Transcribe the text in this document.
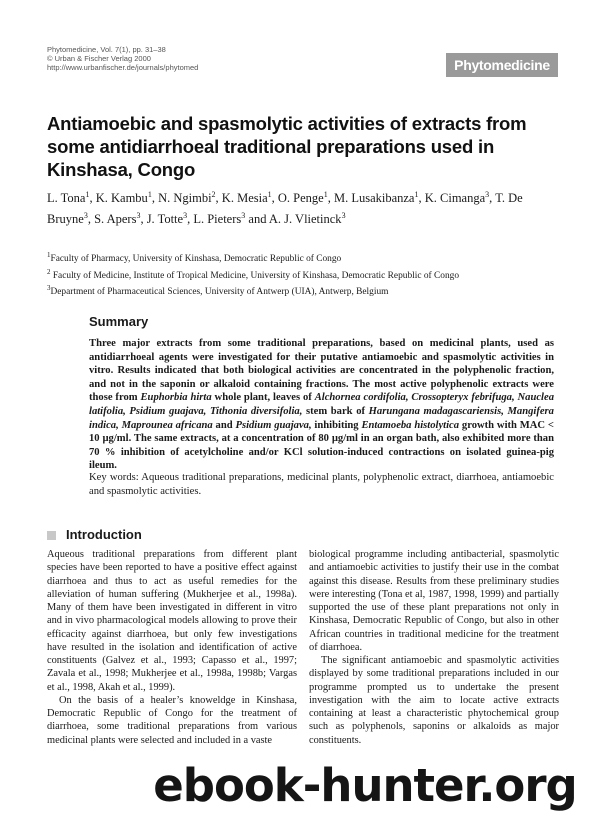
Phytomedicine, Vol. 7(1), pp. 31–38
© Urban & Fischer Verlag 2000
http://www.urbanfischer.de/journals/phytomed	Phytomedicine
Antiamoebic and spasmolytic activities of extracts from some antidiarrhoeal traditional preparations used in Kinshasa, Congo
L. Tona$^1$, K. Kambu$^1$, N. Ngimbi$^2$, K. Mesia$^1$, O. Penge$^1$, M. Lusakibanza$^1$, K. Cimanga$^3$, T. De Bruyne$^3$, S. Apers$^3$, J. Totte$^3$, L. Pieters$^3$ and A. J. Vlietinck$^3$
$^1$Faculty of Pharmacy, University of Kinshasa, Democratic Republic of Congo
$^2$ Faculty of Medicine, Institute of Tropical Medicine, University of Kinshasa, Democratic Republic of Congo
$^3$Department of Pharmaceutical Sciences, University of Antwerp (UIA), Antwerp, Belgium
Summary
Three major extracts from some traditional preparations, based on medicinal plants, used as antidiarrhoeal agents were investigated for their putative antiamoebic and spasmolytic activities in vitro. Results indicated that both biological activities are concentrated in the polyphenolic fraction, and not in the saponin or alkaloid containing fractions. The most active polyphenolic extracts were those from Euphorbia hirta whole plant, leaves of Alchornea cordifolia, Crossopteryx febrifuga, Nauclea latifolia, Psidium guajava, Tithonia diversifolia, stem bark of Harungana madagascariensis, Mangifera indica, Maprounea africana and Psidium guajava, inhibiting Entamoeba histolytica growth with MAC < 10 µg/ml. The same extracts, at a concentration of 80 µg/ml in an organ bath, also exhibited more than 70 % inhibition of acetylcholine and/or KCl solution-induced contractions on isolated guinea-pig ileum.
Key words: Aqueous traditional preparations, medicinal plants, polyphenolic extract, diarrhoea, antiamoebic and spasmolytic activities.
Introduction

Aqueous traditional preparations from different plant species have been reported to have a positive effect against diarrhoea and thus to act as useful remedies for the alleviation of human suffering (Mukherjee et al., 1998a). Many of them have been investigated in different in vitro and in vivo pharmacological models allowing to prove their efficacity against diarrhoea, but only few investigations have resulted in the isolation and identification of active constituents (Galvez et al., 1993; Capasso et al., 1997; Zavala et al., 1998; Mukherjee et al., 1998a, 1998b; Vargas et al., 1998, Akah et al., 1999).

On the basis of a healer’s knoweldge in Kinshasa, Democratic Republic of Congo for the treatment of diarrhoea, some traditional preparations from various medicinal plants were selected and included in a vaste

biological programme including antibacterial, spasmolytic and antiamoebic activities to justify their use in the combat against this disease. Results from these preliminary studies were interesting (Tona et al, 1987, 1998, 1999) and partially supported the use of these plant preparations not only in Kinshasa, Democratic Republic of Congo, but also in other African countries in traditional medicine for the treatment of diarrhoea.

The significant antiamoebic and spasmolytic activities displayed by some traditional preparations included in our programme prompted us to undertake the present investigation with the aim to locate active extracts containing at least a characteristic phytochemical group such as polyphenols, saponins or alkaloids as major constituents.

ebook-hunter.org
